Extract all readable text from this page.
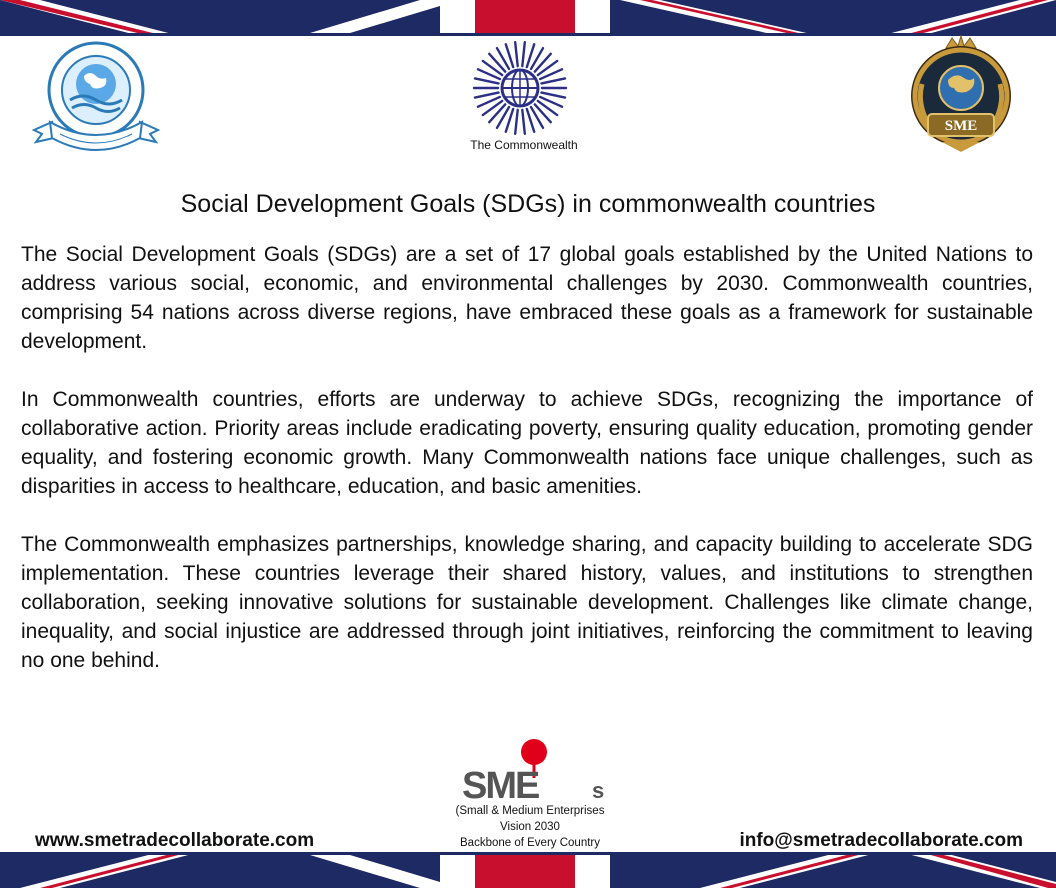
The Commonwealth
SME
Social Development Goals (SDGs) in commonwealth countries

The Social Development Goals (SDGs) are a set of 17 global goals established by the United Nations to address various social, economic, and environmental challenges by 2030. Commonwealth countries, comprising 54 nations across diverse regions, have embraced these goals as a framework for sustainable development.

In Commonwealth countries, efforts are underway to achieve SDGs, recognizing the importance of collaborative action. Priority areas include eradicating poverty, ensuring quality education, promoting gender equality, and fostering economic growth. Many Commonwealth nations face unique challenges, such as disparities in access to healthcare, education, and basic amenities.

The Commonwealth emphasizes partnerships, knowledge sharing, and capacity building to accelerate SDG implementation. These countries leverage their shared history, values, and institutions to strengthen collaboration, seeking innovative solutions for sustainable development. Challenges like climate change, inequality, and social injustice are addressed through joint initiatives, reinforcing the commitment to leaving no one behind.

SME s
(Small & Medium Enterprises
Vision 2030
Backbone of Every Country
www.smetradecollaborate.com	info@smetradecollaborate.com
